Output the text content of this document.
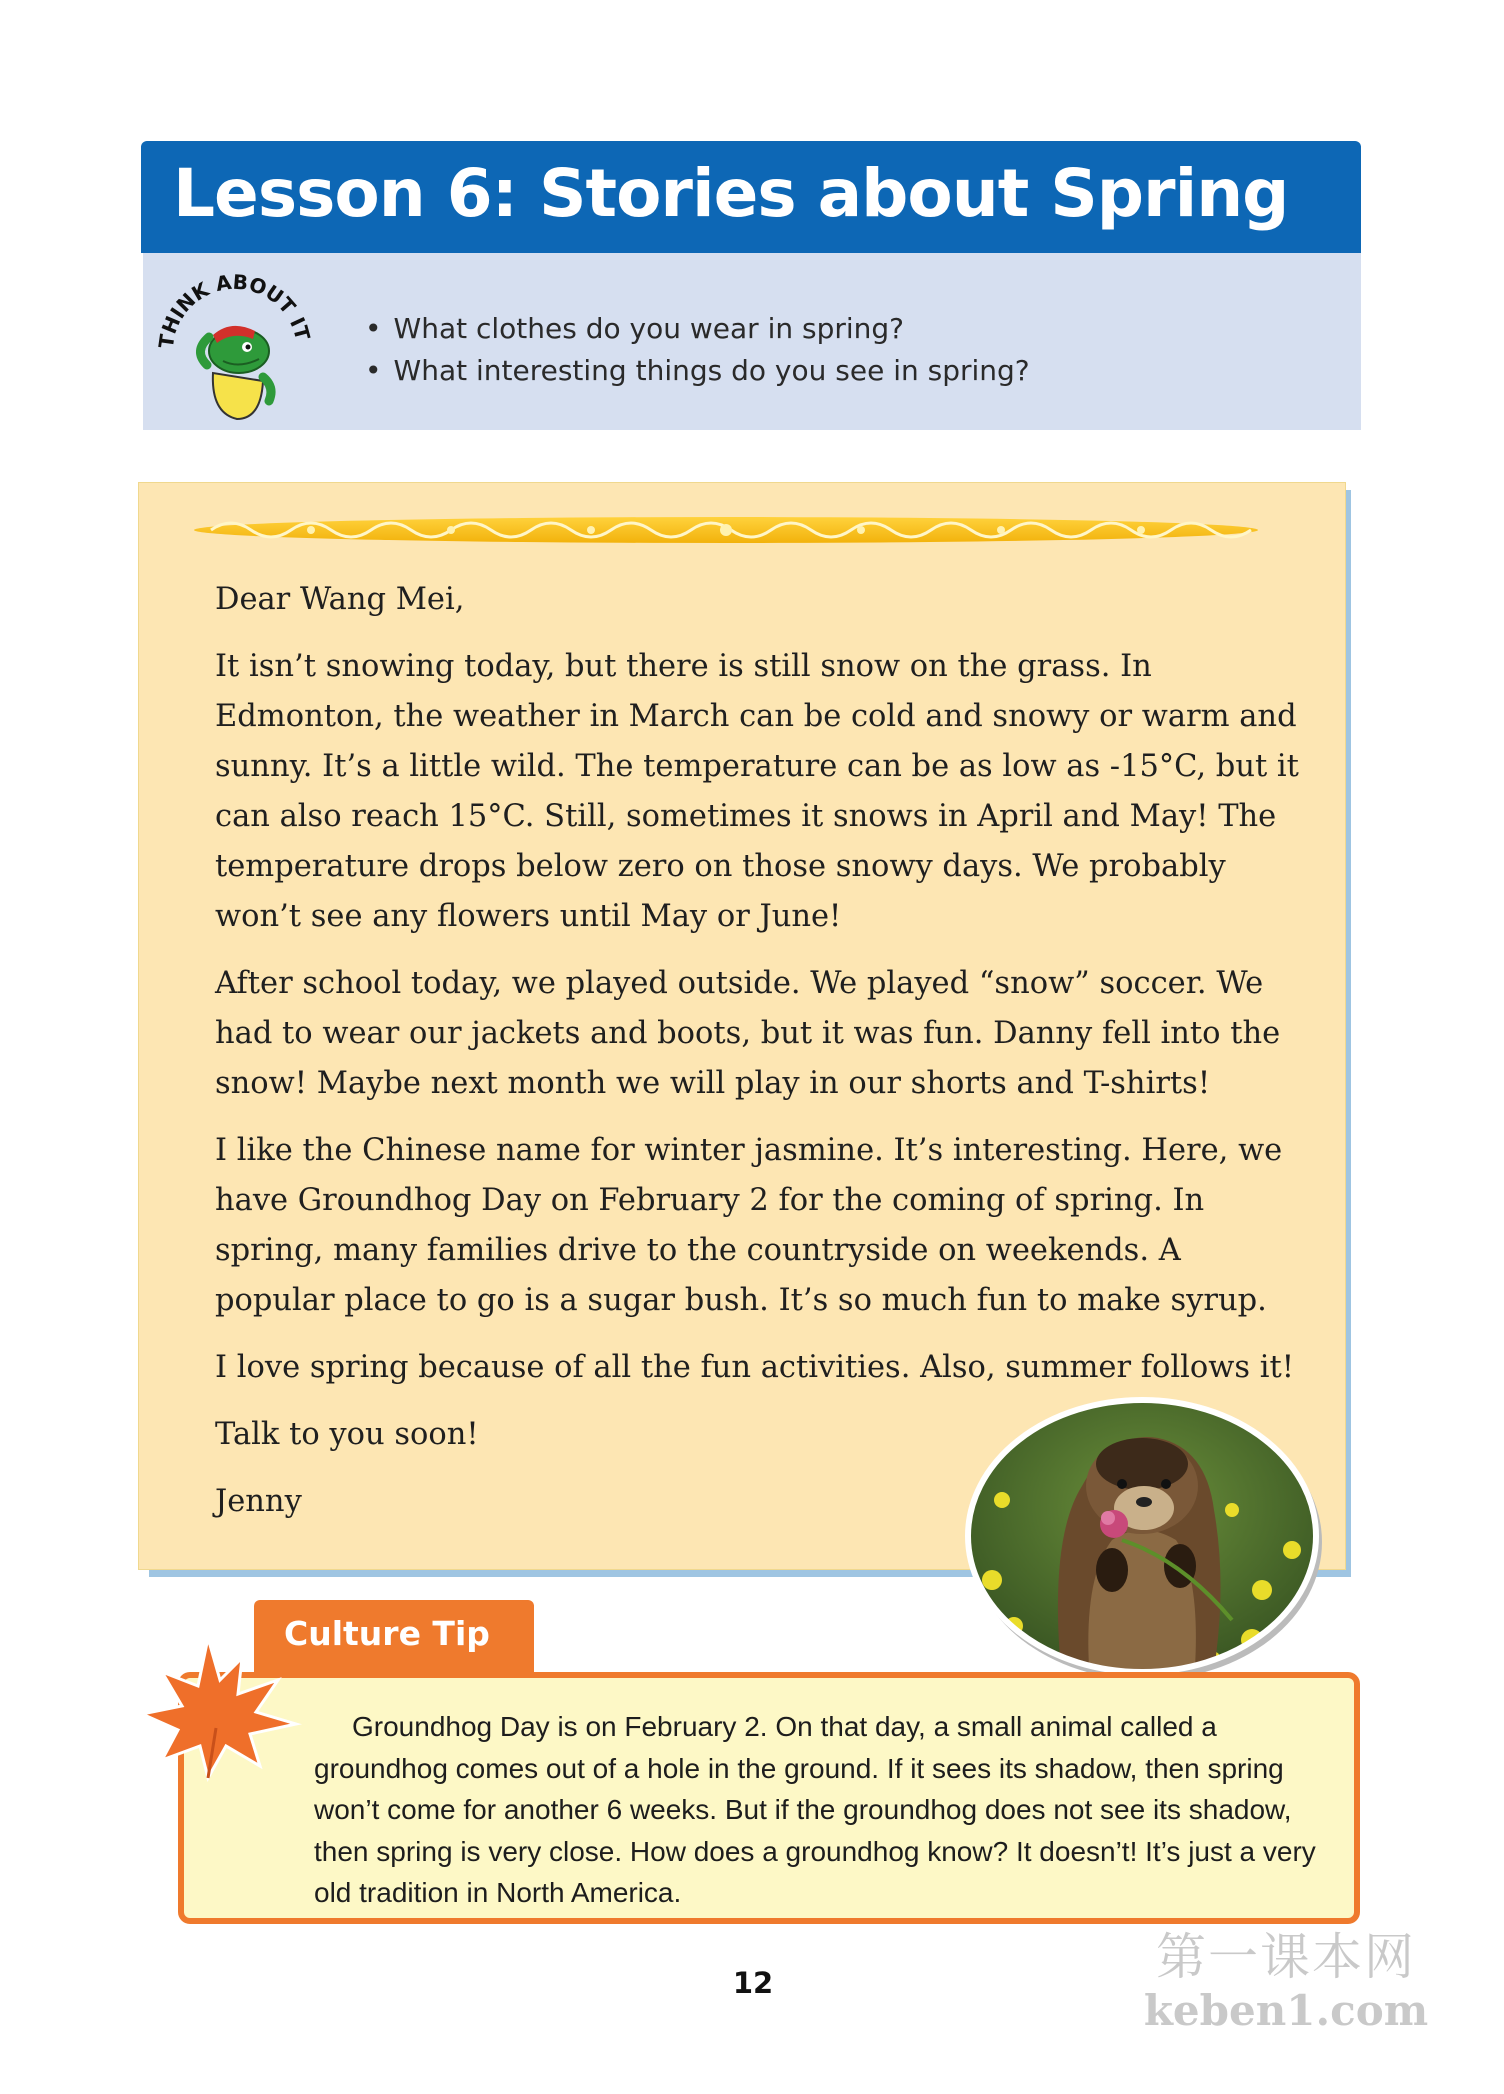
Lesson 6: Stories about Spring
THINK ABOUT IT
•	What clothes do you wear in spring?
• What interesting things do you see in spring?

Dear Wang Mei,

It isn’t snowing today, but there is still snow on the grass. In Edmonton, the weather in March can be cold and snowy or warm and sunny. It’s a little wild. The temperature can be as low as -15°C, but it can also reach 15°C. Still, sometimes it snows in April and May! The temperature drops below zero on those snowy days. We probably won’t see any flowers until May or June!

After school today, we played outside. We played “snow” soccer. We had to wear our jackets and boots, but it was fun. Danny fell into the snow! Maybe next month we will play in our shorts and T-shirts!

I like the Chinese name for winter jasmine. It’s interesting. Here, we have Groundhog Day on February 2 for the coming of spring. In spring, many families drive to the countryside on weekends. A popular place to go is a sugar bush. It’s so much fun to make syrup.

I love spring because of all the fun activities. Also, summer follows it!

Talk to you soon!

Jenny

Culture Tip

Groundhog Day is on February 2. On that day, a small animal called a groundhog comes out of a hole in the ground. If it sees its shadow, then spring won’t come for another 6 weeks. But if the groundhog does not see its shadow, then spring is very close. How does a groundhog know? It doesn’t! It’s just a very old tradition in North America.

12	第一课本网
keben1.com
